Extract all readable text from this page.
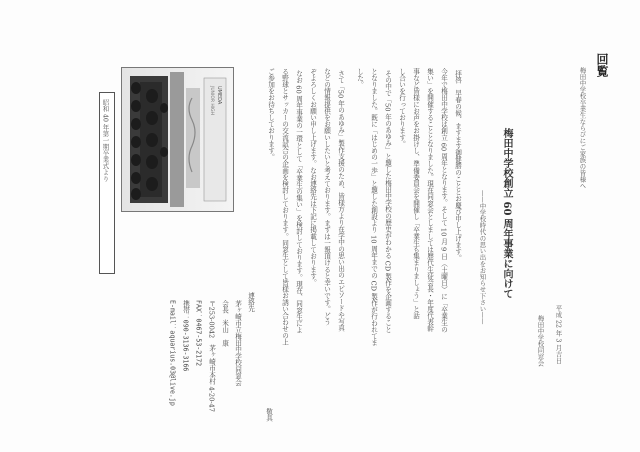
回覧
梅田中学校卒業生ならびにご家族の皆様へ
平成 22 年 3 月吉日
梅田中学校同窓会
梅田中学校創立 60 周年事業に向けて
——中学校時代の思い出をお知らせ下さい——
拝啓　早春の候、ますます御健勝のこととお慶び申し上げます。
今年で梅田中学校は創立 60 周年となります。そして 10 月 9 日（土曜日）に「卒業生の
集い」を開催することとなりました。現在同窓会としましては歴代生徒会長・年度代表幹
事など皆様にお声をお掛けし、準備委員会を開催し「卒業生も集まりましょう」と話
し合いを行っております。
その中で「50 年のあゆみ」と題した梅田中学校の歴史がわかる CD 製作を企画すること
となりました。既に「はじめの一歩」と題した創設より 10 周年までの CD 製作が行われてま
した。
さて「50 年のあゆみ」製作支援のため、皆様方より在学中の思い出のエピソードや写真
などの情報提供をお願いしたいと考えております。まずは一報頂けると幸いです。どう
ぞよろしくお願い申し上げます。なお連絡先は下記に掲載しております。
なお 60 周年事業の一環として「卒業生の集い」を検討しております。現在、同窓生によ
る野球とサッカーの交流試合の企画を検討しております。同窓生として皆様お誘い合わせの上
ご参加をお待ちしております。
敬具
連絡先
茅ヶ崎市立梅田中学校同窓会
会長　米山　康
〒253-0042　茅ヶ崎市本村 4-20-47
FAX：0467-53-2172
携帯：090-3136-3166
E-mail：aquarius.03@live.jp
UMEDA
JUNIOR HIGH
昭和 40 年第一期卒業式より
